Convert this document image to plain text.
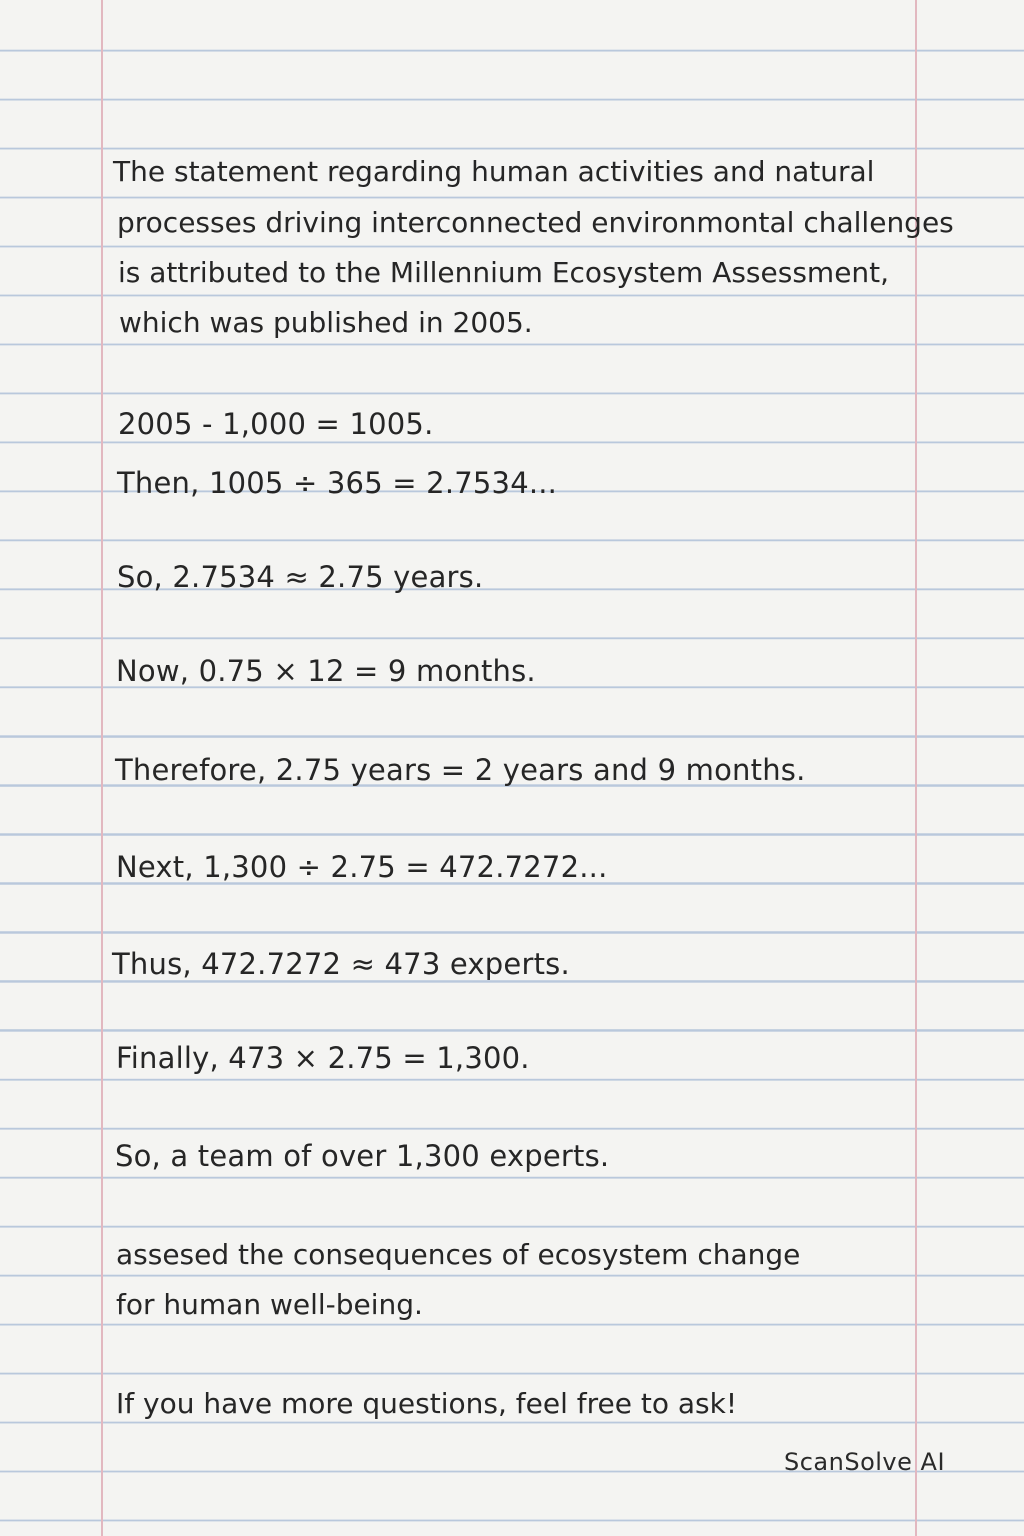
The statement regarding human activities and natural

processes driving interconnected environmontal challenges

is attributed to the Millennium Ecosystem Assessment,

which was published in 2005.

2005 - 1,000 = 1005.

Then, 1005 ÷ 365 = 2.7534...

So, 2.7534 ≈ 2.75 years.

Now, 0.75 × 12 = 9 months.

Therefore, 2.75 years = 2 years and 9 months.

Next, 1,300 ÷ 2.75 = 472.7272...

Thus, 472.7272 ≈ 473 experts.

Finally, 473 × 2.75 = 1,300.

So, a team of over 1,300 experts.

assesed the consequences of ecosystem change

for human well-being.

If you have more questions, feel free to ask!

ScanSolve AI
